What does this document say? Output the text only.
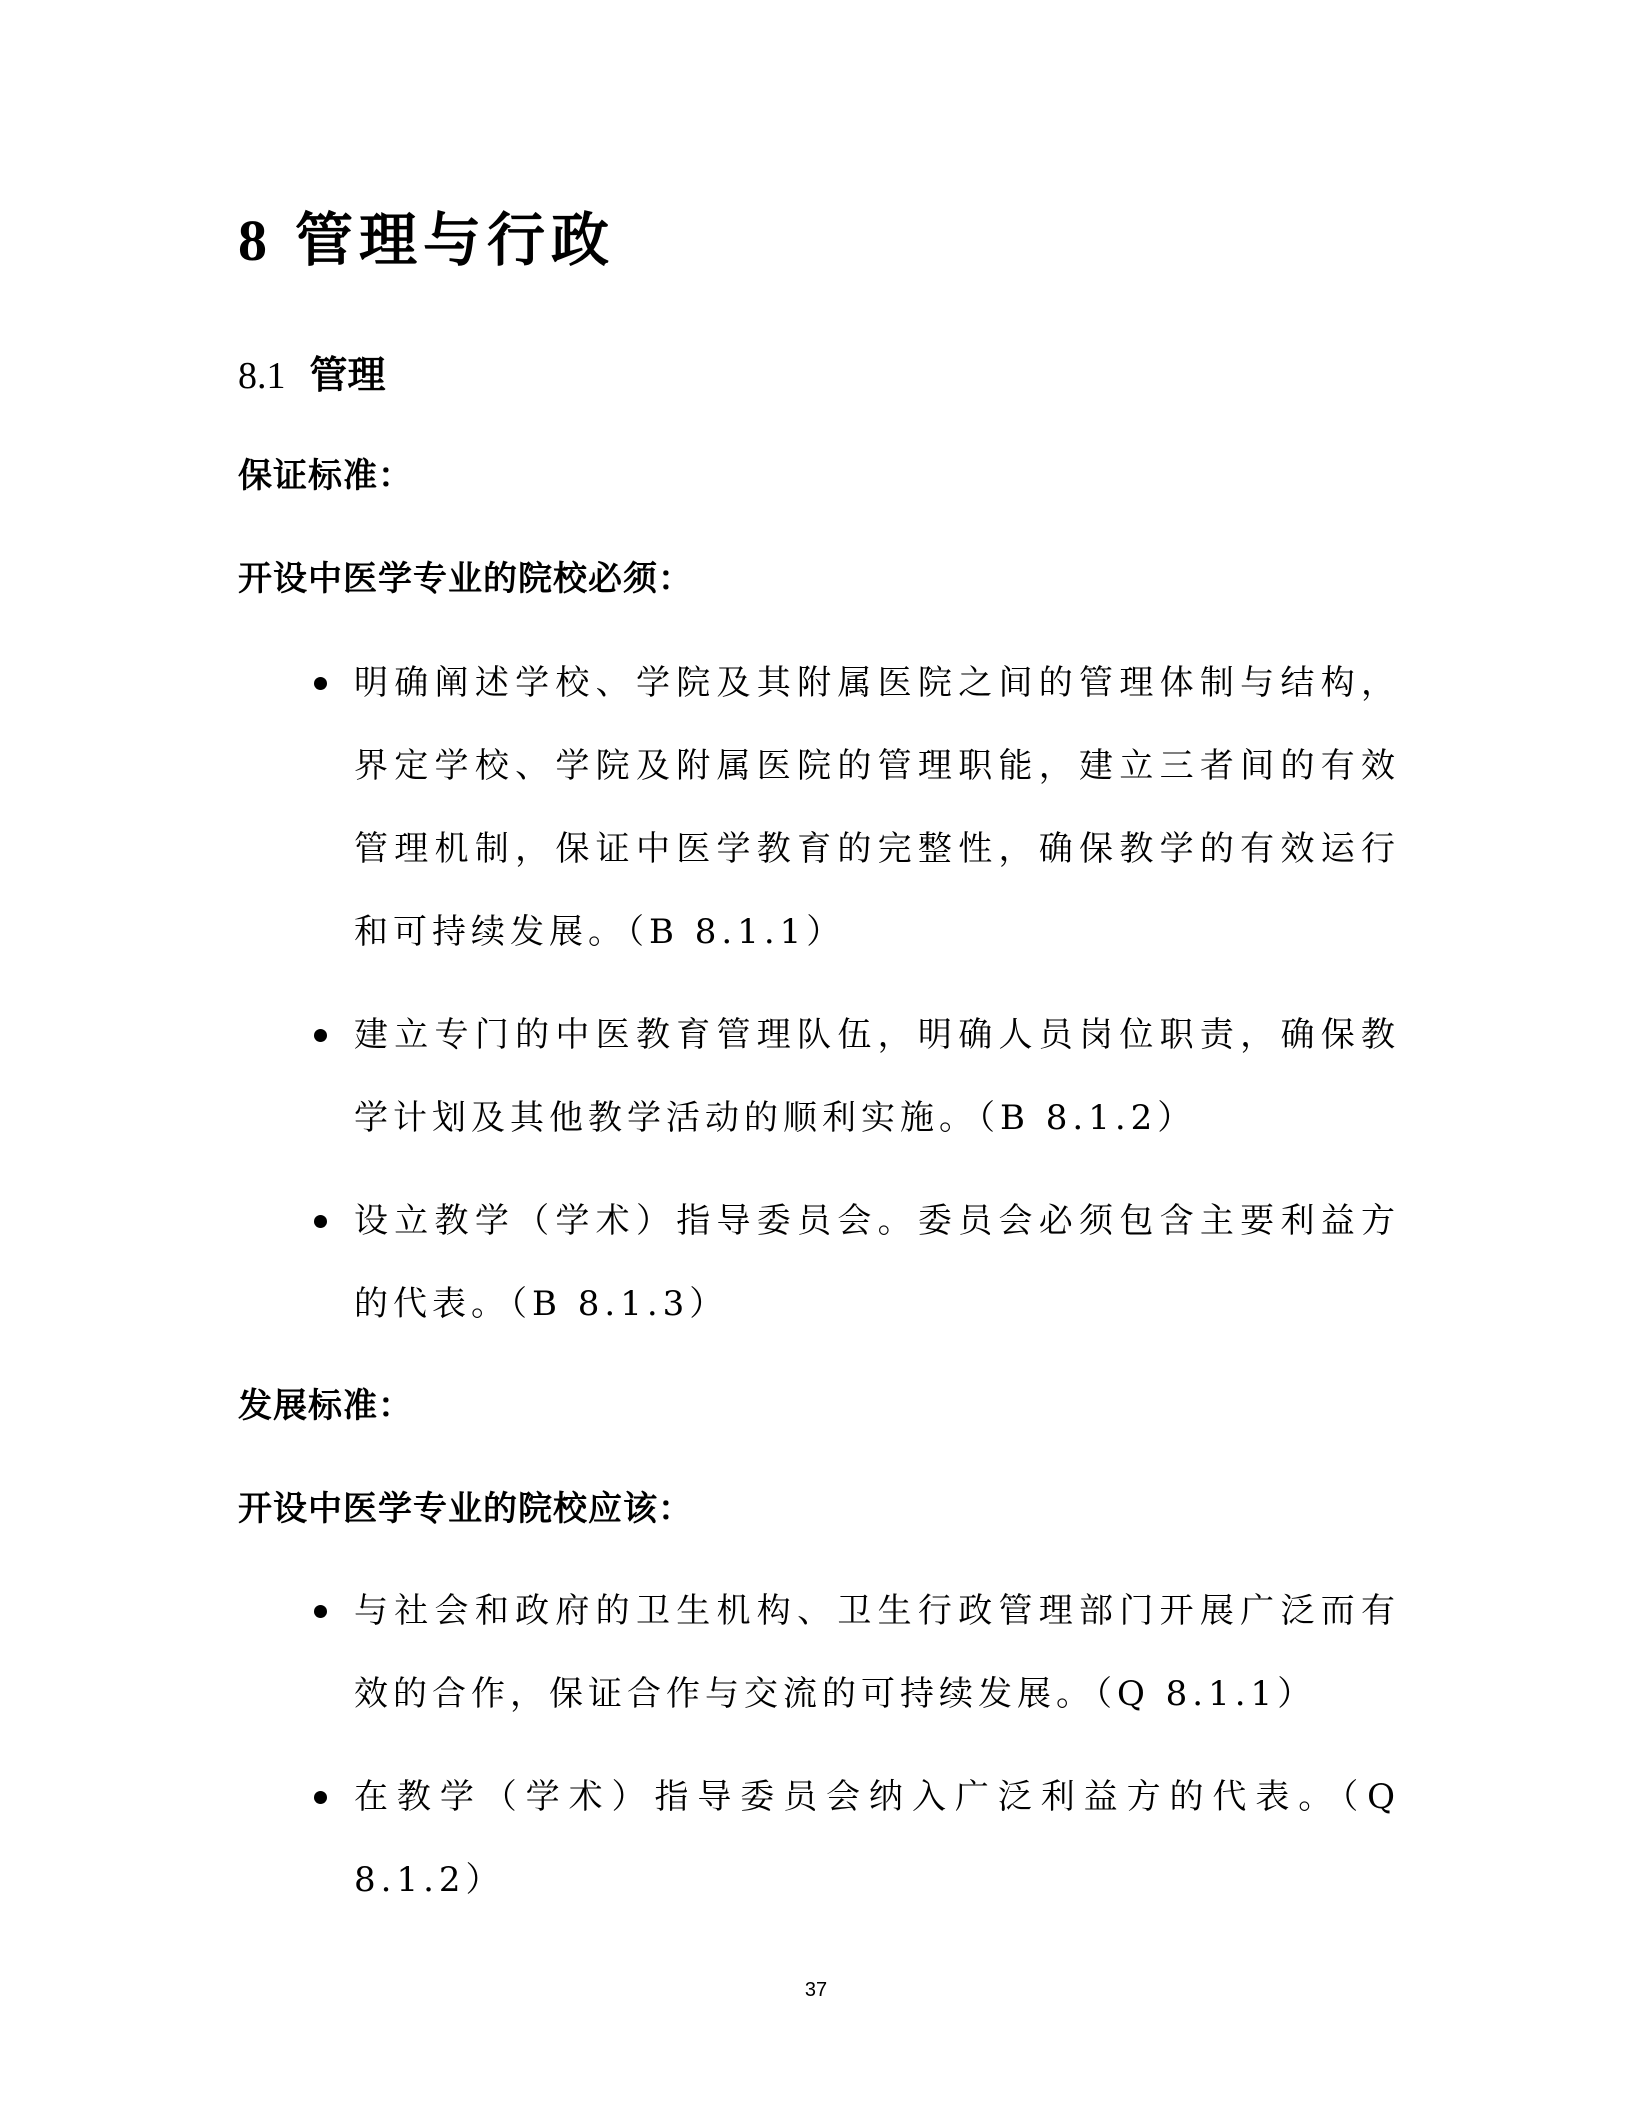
8 管理与行政
8.1 管理
保证标准：
开设中医学专业的院校必须：
明确阐述学校、学院及其附属医院之间的管理体制与结构，界定学校、学院及附属医院的管理职能，建立三者间的有效管理机制，保证中医学教育的完整性，确保教学的有效运行和可持续发展。（B 8.1.1）
建立专门的中医教育管理队伍，明确人员岗位职责，确保教学计划及其他教学活动的顺利实施。（B 8.1.2）
设立教学（学术）指导委员会。委员会必须包含主要利益方的代表。（B 8.1.3）
发展标准：
开设中医学专业的院校应该：
与社会和政府的卫生机构、卫生行政管理部门开展广泛而有效的合作，保证合作与交流的可持续发展。（Q 8.1.1）
在教学（学术）指导委员会纳入广泛利益方的代表。（Q 8.1.2）
37
